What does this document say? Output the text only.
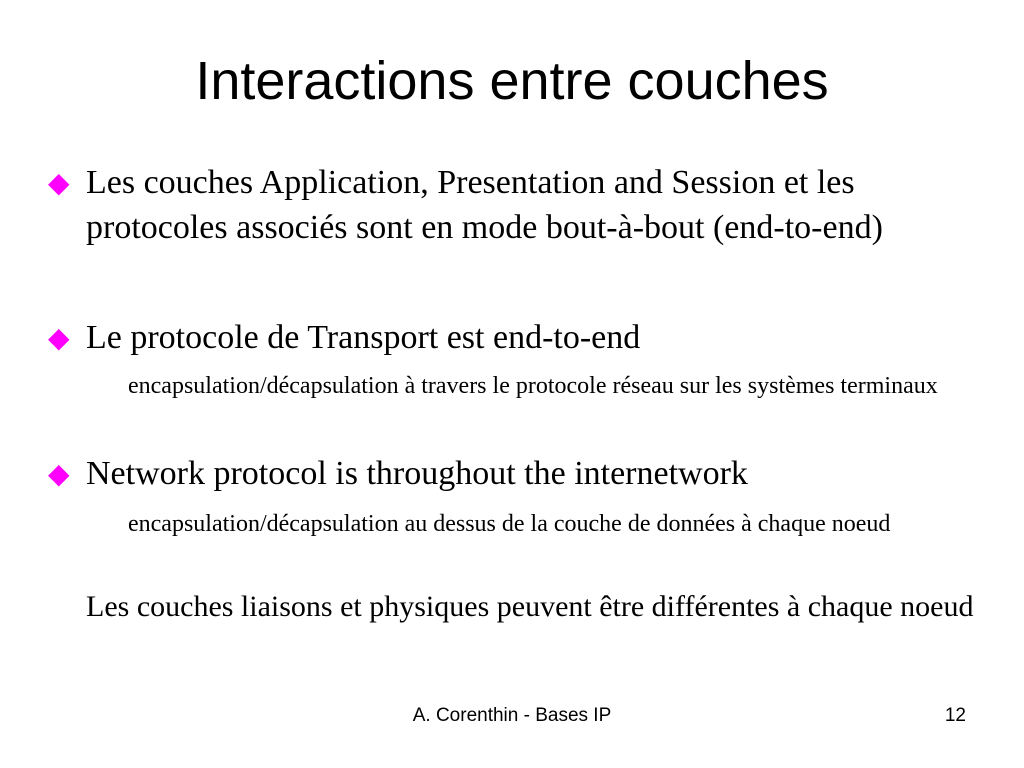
Interactions entre couches
◆ Les couches Application, Presentation and Session et les protocoles associés sont en mode bout-à-bout (end-to-end)
◆ Le protocole de Transport est end-to-end
encapsulation/décapsulation à travers le protocole réseau sur les systèmes terminaux
◆ Network protocol is throughout the internetwork
encapsulation/décapsulation au dessus de la couche de données à chaque noeud
Les couches liaisons et physiques peuvent être différentes à chaque noeud
A. Corenthin - Bases IP	12
